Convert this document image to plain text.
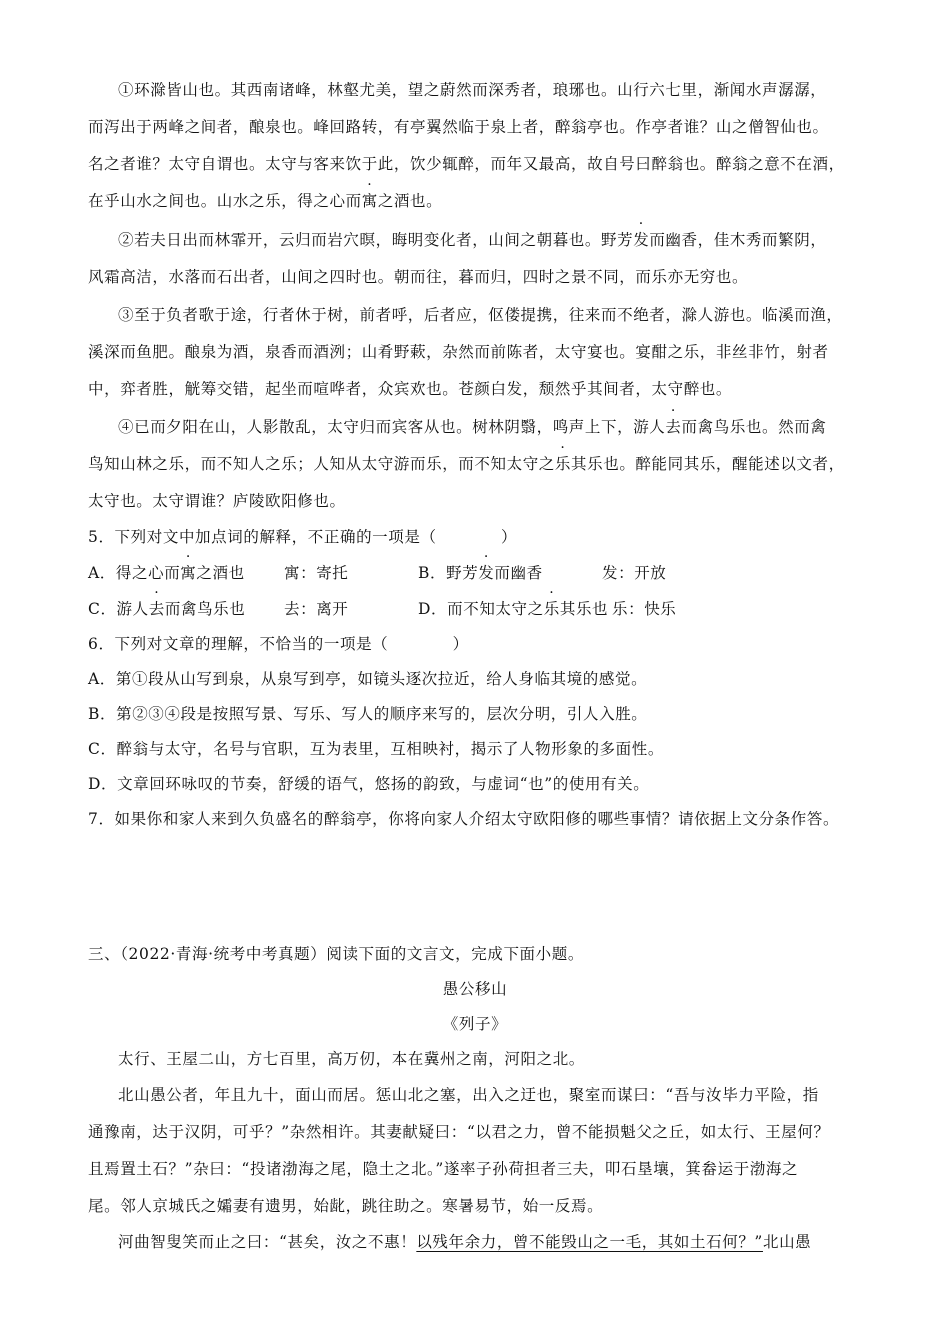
①环滁皆山也。其西南诸峰，林壑尤美，望之蔚然而深秀者，琅琊也。山行六七里，渐闻水声潺潺，
而泻出于两峰之间者，酿泉也。峰回路转，有亭翼然临于泉上者，醉翁亭也。作亭者谁？山之僧智仙也。
名之者谁？太守自谓也。太守与客来饮于此，饮少辄醉，而年又最高，故自号曰醉翁也。醉翁之意不在酒，
在乎山水之间也。山水之乐，得之心而寓之酒也。
②若夫日出而林霏开，云归而岩穴暝，晦明变化者，山间之朝暮也。野芳发而幽香，佳木秀而繁阴，
风霜高洁，水落而石出者，山间之四时也。朝而往，暮而归，四时之景不同，而乐亦无穷也。
③至于负者歌于途，行者休于树，前者呼，后者应，伛偻提携，往来而不绝者，滁人游也。临溪而渔，
溪深而鱼肥。酿泉为酒，泉香而酒洌；山肴野蔌，杂然而前陈者，太守宴也。宴酣之乐，非丝非竹，射者
中，弈者胜，觥筹交错，起坐而喧哗者，众宾欢也。苍颜白发，颓然乎其间者，太守醉也。
④已而夕阳在山，人影散乱，太守归而宾客从也。树林阴翳，鸣声上下，游人去而禽鸟乐也。然而禽
鸟知山林之乐，而不知人之乐；人知从太守游而乐，而不知太守之乐其乐也。醉能同其乐，醒能述以文者，
太守也。太守谓谁？庐陵欧阳修也。
5．下列对文中加点词的解释，不正确的一项是（　　　　）
A．得之心而寓之酒也	寓：寄托	B．野芳发而幽香	发：开放
C．游人去而禽鸟乐也 去：离开	D．而不知太守之乐其乐也 乐：快乐
6．下列对文章的理解，不恰当的一项是（　　　　）
A．第①段从山写到泉，从泉写到亭，如镜头逐次拉近，给人身临其境的感觉。
B．第②③④段是按照写景、写乐、写人的顺序来写的，层次分明，引人入胜。
C．醉翁与太守，名号与官职，互为表里，互相映衬，揭示了人物形象的多面性。
D．文章回环咏叹的节奏，舒缓的语气，悠扬的韵致，与虚词“也”的使用有关。
7．如果你和家人来到久负盛名的醉翁亭，你将向家人介绍太守欧阳修的哪些事情？请依据上文分条作答。
三、（2022·青海·统考中考真题）阅读下面的文言文，完成下面小题。
愚公移山
《列子》
太行、王屋二山，方七百里，高万仞，本在冀州之南，河阳之北。
北山愚公者，年且九十，面山而居。惩山北之塞，出入之迂也，聚室而谋曰：“吾与汝毕力平险，指
通豫南，达于汉阴，可乎？”杂然相许。其妻献疑曰：“以君之力，曾不能损魁父之丘，如太行、王屋何？
且焉置土石？”杂曰：“投诸渤海之尾，隐土之北。”遂率子孙荷担者三夫，叩石垦壤，箕畚运于渤海之
尾。邻人京城氏之孀妻有遗男，始龀，跳往助之。寒暑易节，始一反焉。
河曲智叟笑而止之曰：“甚矣，汝之不惠！以残年余力，曾不能毁山之一毛，其如土石何？”北山愚
